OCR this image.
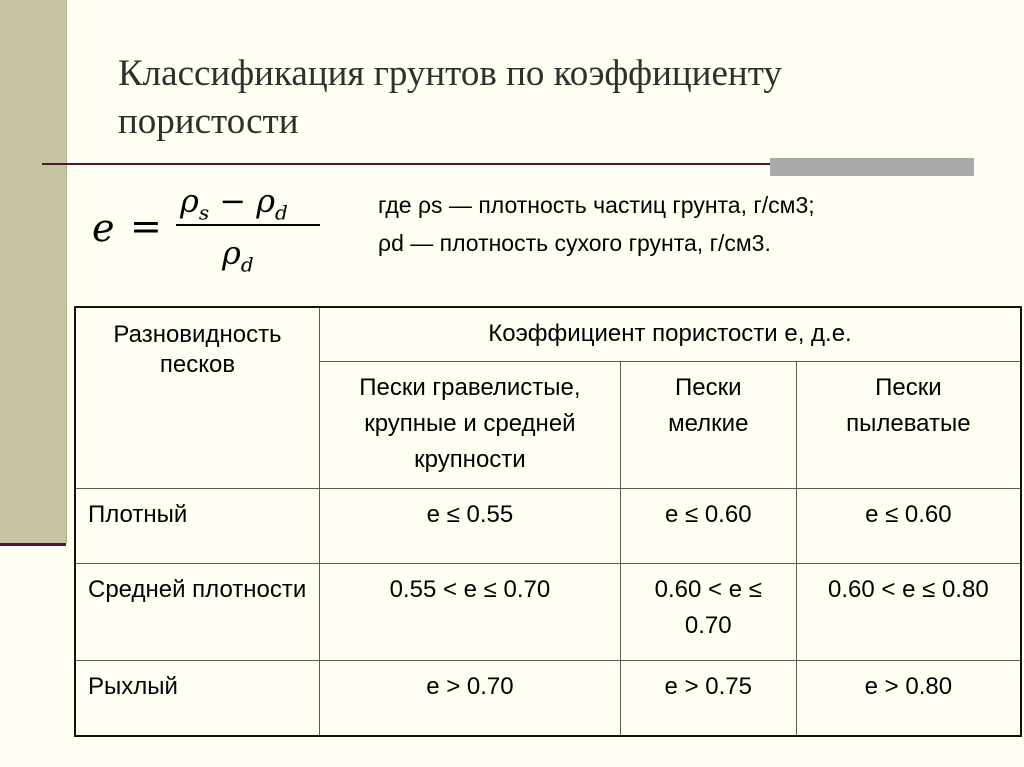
Классификация грунтов по коэффициенту пористости
e =
$\rho_s - \rho_d$
$\rho_d$
где ρs — плотность частиц грунта, г/см3;
ρd — плотность сухого грунта, г/см3.
Разновидность песков	Коэффициент пористости е, д.е.		
	Пески гравелистые, крупные и средней крупности	Пески мелкие	Пески пылеватые
Плотный	е ≤ 0.55	е ≤ 0.60	е ≤ 0.60
Средней плотности	0.55 < е ≤ 0.70	0.60 < е ≤ 0.70	0.60 < е ≤ 0.80
Рыхлый	е > 0.70	е > 0.75	е > 0.80
